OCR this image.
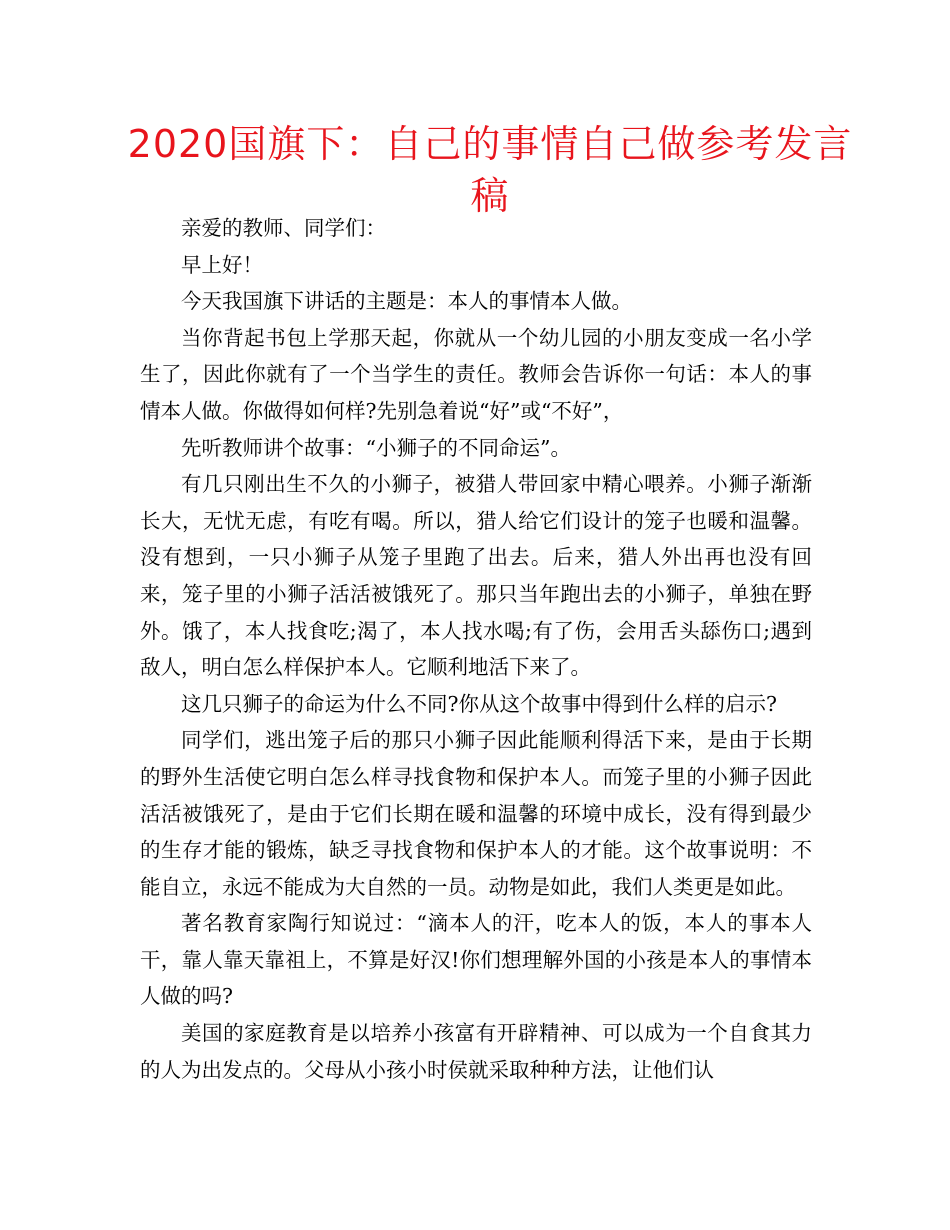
2020国旗下：自己的事情自己做参考发言稿

亲爱的教师、同学们：

早上好！

今天我国旗下讲话的主题是：本人的事情本人做。

当你背起书包上学那天起，你就从一个幼儿园的小朋友变成一名小学生了，因此你就有了一个当学生的责任。教师会告诉你一句话：本人的事情本人做。你做得如何样?先别急着说“好”或“不好”，

先听教师讲个故事：“小狮子的不同命运”。

有几只刚出生不久的小狮子，被猎人带回家中精心喂养。小狮子渐渐长大，无忧无虑，有吃有喝。所以，猎人给它们设计的笼子也暖和温馨。没有想到，一只小狮子从笼子里跑了出去。后来，猎人外出再也没有回来，笼子里的小狮子活活被饿死了。那只当年跑出去的小狮子，单独在野外。饿了，本人找食吃;渴了，本人找水喝;有了伤，会用舌头舔伤口;遇到敌人，明白怎么样保护本人。它顺利地活下来了。

这几只狮子的命运为什么不同?你从这个故事中得到什么样的启示?

同学们，逃出笼子后的那只小狮子因此能顺利得活下来，是由于长期的野外生活使它明白怎么样寻找食物和保护本人。而笼子里的小狮子因此活活被饿死了，是由于它们长期在暖和温馨的环境中成长，没有得到最少的生存才能的锻炼，缺乏寻找食物和保护本人的才能。这个故事说明：不能自立，永远不能成为大自然的一员。动物是如此，我们人类更是如此。

著名教育家陶行知说过：“滴本人的汗，吃本人的饭，本人的事本人干，靠人靠天靠祖上，不算是好汉!你们想理解外国的小孩是本人的事情本人做的吗?

美国的家庭教育是以培养小孩富有开辟精神、可以成为一个自食其力的人为出发点的。父母从小孩小时侯就采取种种方法，让他们认
